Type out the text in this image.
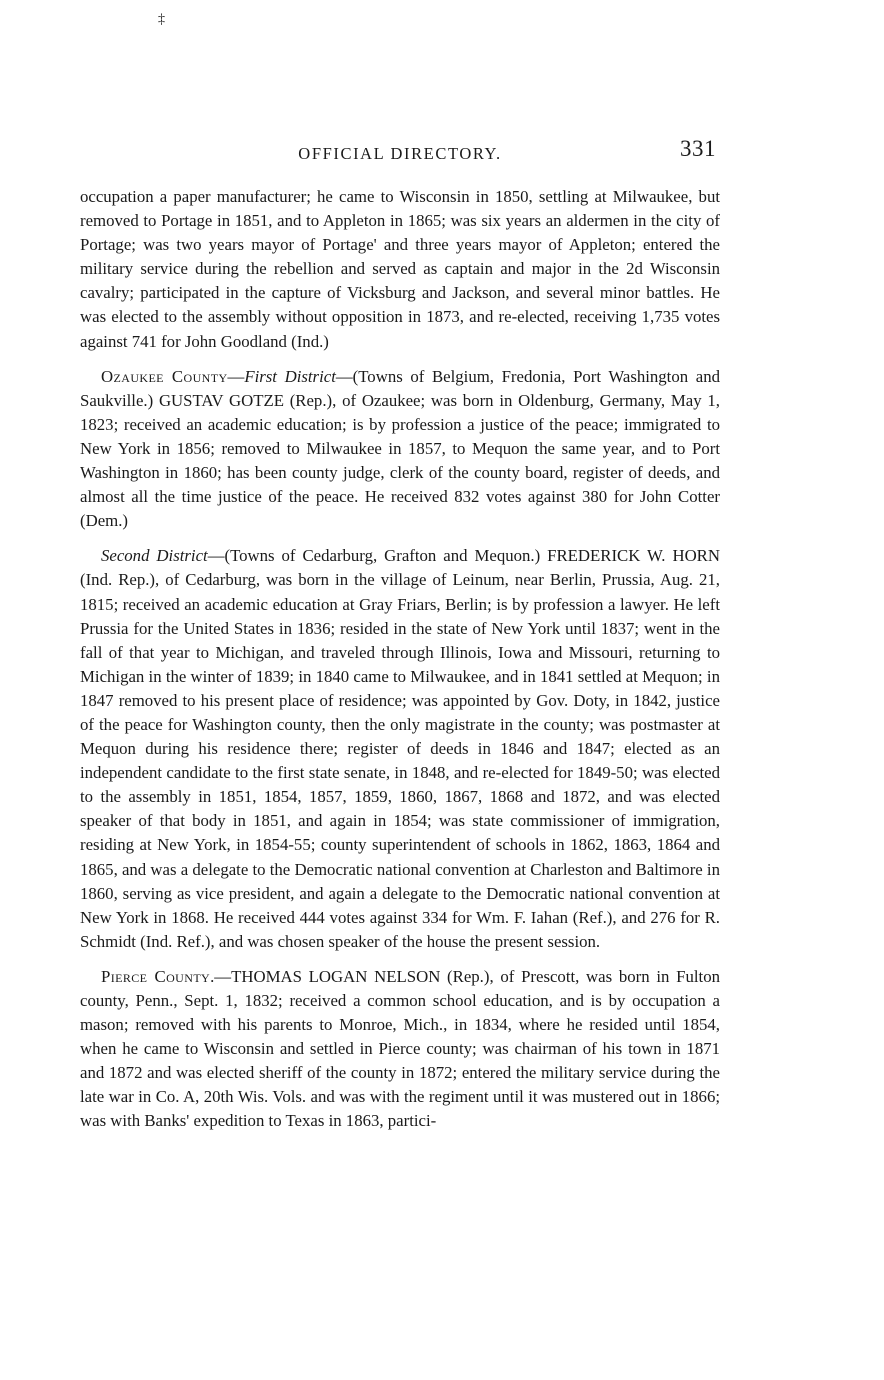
‡
OFFICIAL DIRECTORY.	331

occupation a paper manufacturer; he came to Wisconsin in 1850, settling at Milwaukee, but removed to Portage in 1851, and to Appleton in 1865; was six years an aldermen in the city of Portage; was two years mayor of Portage' and three years mayor of Appleton; entered the military service during the rebellion and served as captain and major in the 2d Wisconsin cavalry; participated in the capture of Vicksburg and Jackson, and several minor battles. He was elected to the assembly without opposition in 1873, and re-elected, receiving 1,735 votes against 741 for John Goodland (Ind.)

Ozaukee County—First District—(Towns of Belgium, Fredonia, Port Washington and Saukville.) GUSTAV GOTZE (Rep.), of Ozaukee; was born in Oldenburg, Germany, May 1, 1823; received an academic education; is by profession a justice of the peace; immigrated to New York in 1856; removed to Milwaukee in 1857, to Mequon the same year, and to Port Washington in 1860; has been county judge, clerk of the county board, register of deeds, and almost all the time justice of the peace. He received 832 votes against 380 for John Cotter (Dem.)

Second District—(Towns of Cedarburg, Grafton and Mequon.) FREDERICK W. HORN (Ind. Rep.), of Cedarburg, was born in the village of Leinum, near Berlin, Prussia, Aug. 21, 1815; received an academic education at Gray Friars, Berlin; is by profession a lawyer. He left Prussia for the United States in 1836; resided in the state of New York until 1837; went in the fall of that year to Michigan, and traveled through Illinois, Iowa and Missouri, returning to Michigan in the winter of 1839; in 1840 came to Milwaukee, and in 1841 settled at Mequon; in 1847 removed to his present place of residence; was appointed by Gov. Doty, in 1842, justice of the peace for Washington county, then the only magistrate in the county; was postmaster at Mequon during his residence there; register of deeds in 1846 and 1847; elected as an independent candidate to the first state senate, in 1848, and re-elected for 1849-50; was elected to the assembly in 1851, 1854, 1857, 1859, 1860, 1867, 1868 and 1872, and was elected speaker of that body in 1851, and again in 1854; was state commissioner of immigration, residing at New York, in 1854-55; county superintendent of schools in 1862, 1863, 1864 and 1865, and was a delegate to the Democratic national convention at Charleston and Baltimore in 1860, serving as vice president, and again a delegate to the Democratic national convention at New York in 1868. He received 444 votes against 334 for Wm. F. Iahan (Ref.), and 276 for R. Schmidt (Ind. Ref.), and was chosen speaker of the house the present session.

Pierce County.—THOMAS LOGAN NELSON (Rep.), of Prescott, was born in Fulton county, Penn., Sept. 1, 1832; received a common school education, and is by occupation a mason; removed with his parents to Monroe, Mich., in 1834, where he resided until 1854, when he came to Wisconsin and settled in Pierce county; was chairman of his town in 1871 and 1872 and was elected sheriff of the county in 1872; entered the military service during the late war in Co. A, 20th Wis. Vols. and was with the regiment until it was mustered out in 1866; was with Banks' expedition to Texas in 1863, partici-
